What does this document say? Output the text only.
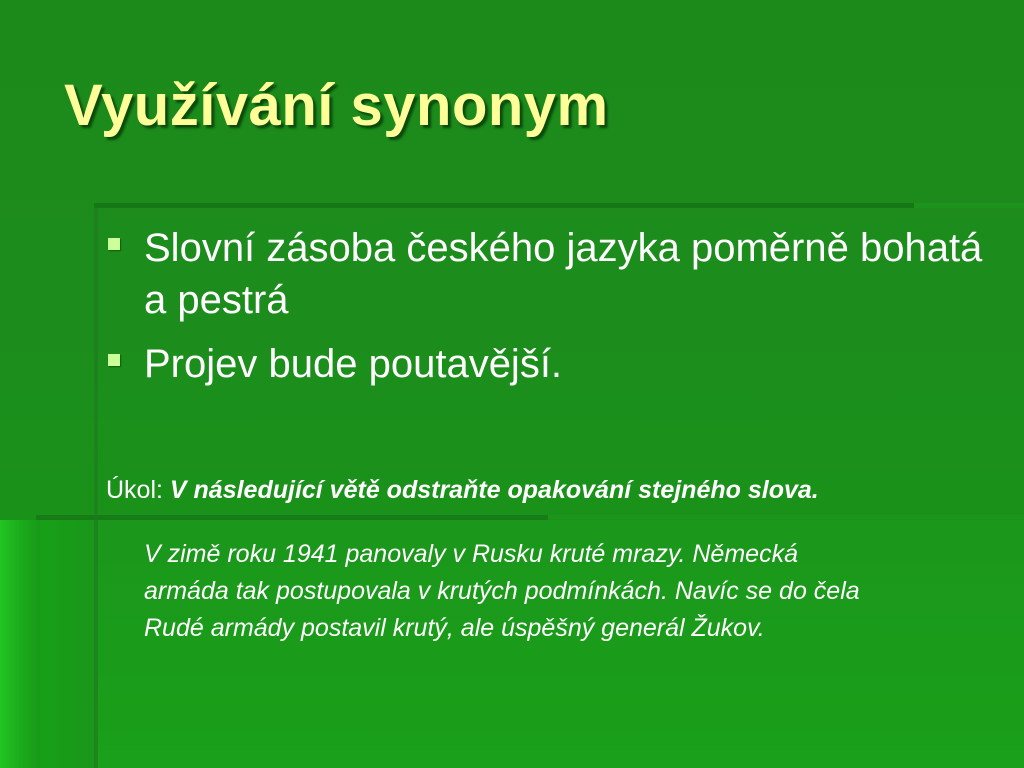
Využívání synonym
Slovní zásoba českého jazyka poměrně bohatá a pestrá
Projev bude poutavější.
Úkol: V následující větě odstraňte opakování stejného slova.

V zimě roku 1941 panovaly v Rusku kruté mrazy. Německá
armáda tak postupovala v krutých podmínkách. Navíc se do čela
Rudé armády postavil krutý, ale úspěšný generál Žukov.
